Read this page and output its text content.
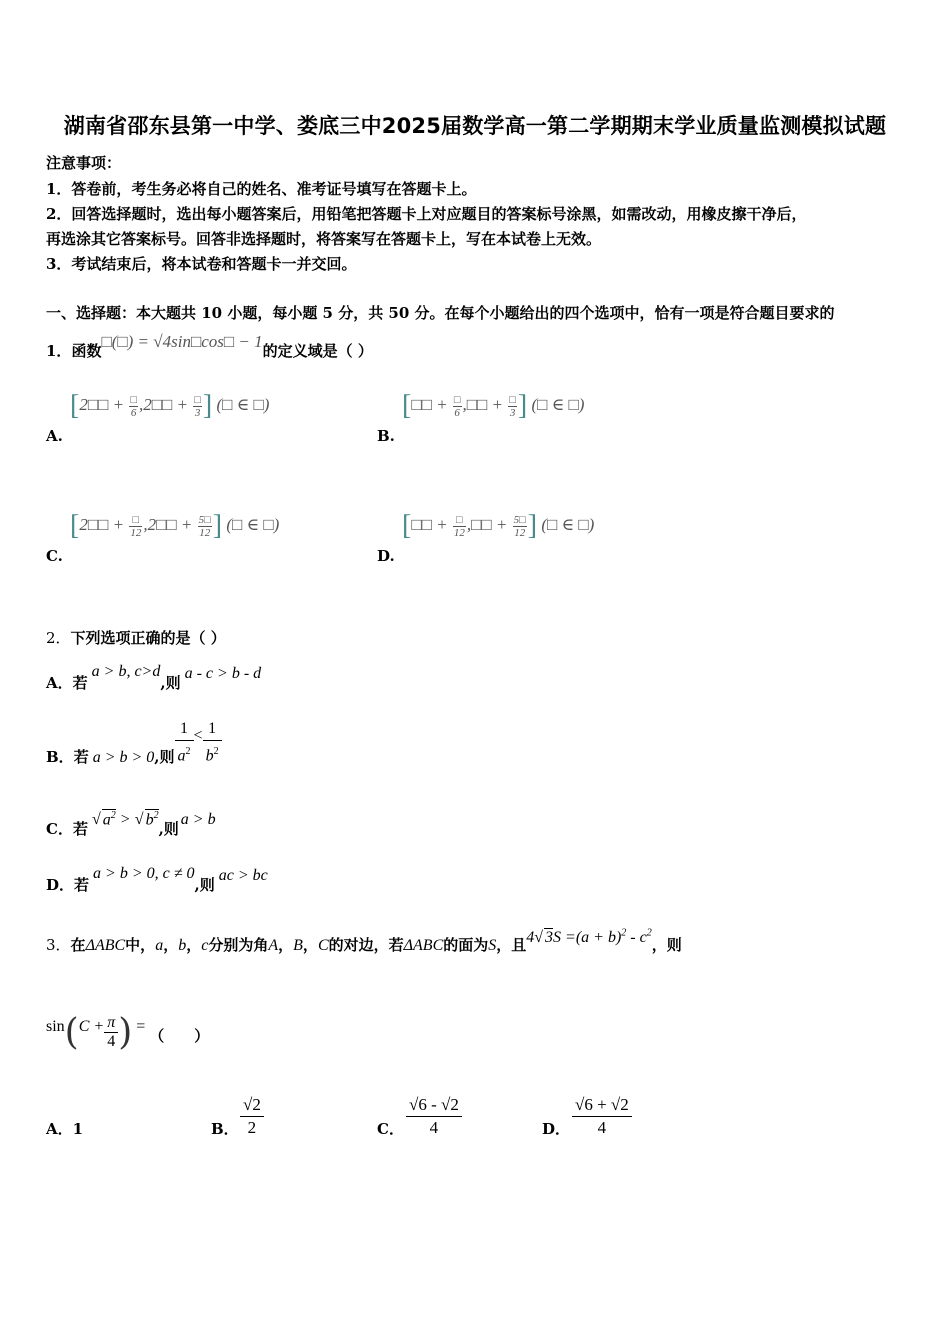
湖南省邵东县第一中学、娄底三中2025届数学高一第二学期期末学业质量监测模拟试题
注意事项：
1．答卷前，考生务必将自己的姓名、准考证号填写在答题卡上。
2．回答选择题时，选出每小题答案后，用铅笔把答题卡上对应题目的答案标号涂黑，如需改动，用橡皮擦干净后，
再选涂其它答案标号。回答非选择题时，将答案写在答题卡上，写在本试卷上无效。
3．考试结束后，将本试卷和答题卡一并交回。
一、选择题：本大题共 10 小题，每小题 5 分，共 50 分。在每个小题给出的四个选项中，恰有一项是符合题目要求的
1．函数□(□) = √4sin□cos□ − 1的定义域是（ ）
[2□□ + $\frac{□}{6}$ ,2□□ + $\frac{□}{3}$ ] (□ ∈ □)
A.
[□□ + $\frac{□}{6}$ ,□□ + $\frac{□}{3}$ ] (□ ∈ □)
B.
[2□□ + $\frac{□}{12}$ ,2□□ + $\frac{5□}{12}$ ] (□ ∈ □)
C.
[□□ + $\frac{□}{12}$ ,□□ + $\frac{5□}{12}$ ] (□ ∈ □)
D.
2．下列选项正确的是（ ）
A．若a > b, c>d,则a - c > b - d
B．若 a > b > 0,则 $\frac{1}{a^2} < \frac{1}{b^2}$
C．若√ $a^2$ > √ $b^2$,则a > b
D．若a > b > 0, c ≠ 0,则ac > bc
3．在ΔABC中，a，b，c分别为角A，B，C的对边，若ΔABC的面为S，且4√ $3S =(a + b)^2 - c^2$，则
$\sin(C + \frac{\pi}{4}$ ) =（　　）
A．1	B． $\frac{√2}{2}$	C． $\frac{√6 - √2}{4}$	D． $\frac{√6 + √2}{4}$
